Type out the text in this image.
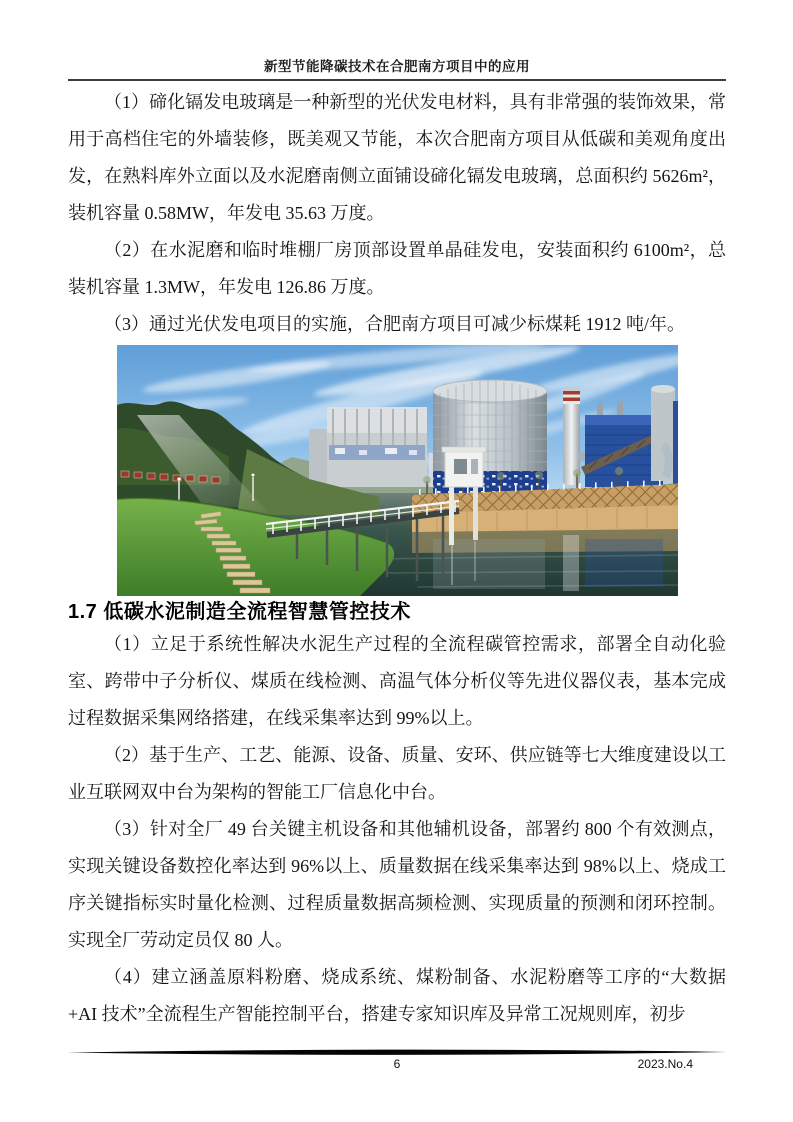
新型节能降碳技术在合肥南方项目中的应用

（1）碲化镉发电玻璃是一种新型的光伏发电材料，具有非常强的装饰效果，常用于高档住宅的外墙装修，既美观又节能，本次合肥南方项目从低碳和美观角度出发，在熟料库外立面以及水泥磨南侧立面铺设碲化镉发电玻璃，总面积约 5626m²，装机容量 0.58MW，年发电 35.63 万度。

（2）在水泥磨和临时堆棚厂房顶部设置单晶硅发电，安装面积约 6100m²，总装机容量 1.3MW，年发电 126.86 万度。

（3）通过光伏发电项目的实施，合肥南方项目可减少标煤耗 1912 吨/年。

1.7 低碳水泥制造全流程智慧管控技术

（1）立足于系统性解决水泥生产过程的全流程碳管控需求，部署全自动化验室、跨带中子分析仪、煤质在线检测、高温气体分析仪等先进仪器仪表，基本完成过程数据采集网络搭建，在线采集率达到 99%以上。

（2）基于生产、工艺、能源、设备、质量、安环、供应链等七大维度建设以工业互联网双中台为架构的智能工厂信息化中台。

（3）针对全厂 49 台关键主机设备和其他辅机设备，部署约 800 个有效测点，实现关键设备数控化率达到 96%以上、质量数据在线采集率达到 98%以上、烧成工序关键指标实时量化检测、过程质量数据高频检测、实现质量的预测和闭环控制。实现全厂劳动定员仅 80 人。

（4）建立涵盖原料粉磨、烧成系统、煤粉制备、水泥粉磨等工序的“大数据+AI 技术”全流程生产智能控制平台，搭建专家知识库及异常工况规则库，初步

6	2023.No.4
